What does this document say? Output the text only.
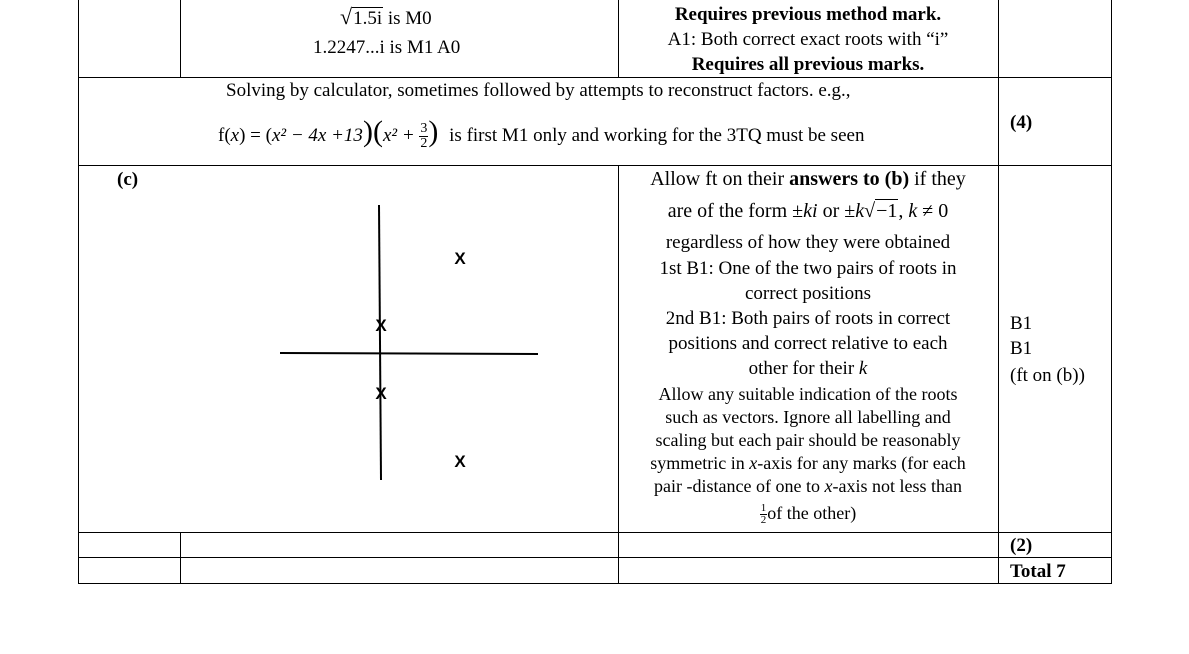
√1.5i is M0
1.2247...i is M1 A0
Requires previous method mark.
A1: Both correct exact roots with “i”
Requires all previous marks.
Solving by calculator, sometimes followed by attempts to reconstruct factors. e.g.,
$f(x) = (x^2 - 4x +13)(x^2 + \frac{3}{2}$ ) is first M1 only and working for the 3TQ must be seen
(4)
(c)
X
X
X
X
Allow ft on their answers to (b) if they
are of the form ±ki or ±k√−1, k ≠ 0
regardless of how they were obtained
1st B1: One of the two pairs of roots in
correct positions
2nd B1: Both pairs of roots in correct
positions and correct relative to each
other for their k
Allow any suitable indication of the roots
such as vectors. Ignore all labelling and
scaling but each pair should be reasonably
symmetric in x-axis for any marks (for each
pair -distance of one to x-axis not less than
$\frac{1}{2}$ of the other)
B1
B1
(ft on (b))
(2)
Total 7
